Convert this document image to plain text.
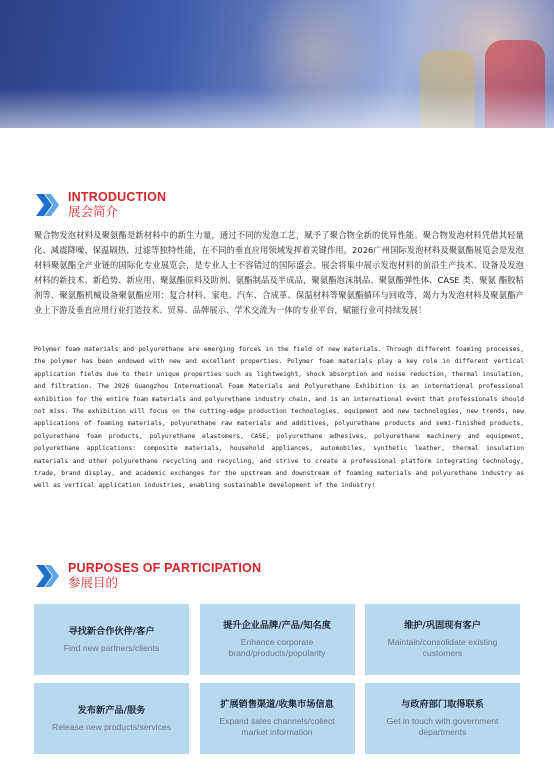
INTRODUCTION
展会简介
聚合物发泡材料及聚氨酯是新材料中的新生力量，通过不同的发泡工艺，赋予了聚合物全新的优异性能。聚合物发泡材料凭借其轻量化、减震降噪、保温隔热、过滤等独特性能，在不同的垂直应用领域发挥着关键作用。2026广州国际发泡材料及聚氨酯展览会是发泡材料聚氨酯全产业链的国际化专业展览会，是专业人士不容错过的国际盛会。展会将集中展示发泡材料的前沿生产技术、设备及发泡材料的新技术、新趋势、新应用、聚氨酯原料及助剂、氨酯制品及半成品，聚氨酯泡沫制品、聚氨酯弹性体、CASE 类、聚氨 酯胶粘剂等、聚氨酯机械设备聚氨酯应用：复合材料、家电、汽车、合成革、保温材料等聚氨酯循环与回收等，竭力为发泡材料及聚氨酯产业上下游及垂直应用行业打造技术、贸易、品牌展示、学术交流为一体的专业平台，赋能行业可持续发展！
Polymer foam materials and polyurethane are emerging forces in the field of new materials. Through different foaming processes, the polymer has been endowed with new and excellent properties. Polymer foam materials play a key role in different vertical application fields due to their unique properties such as lightweight, shock absorption and noise reduction, thermal insulation, and filtration. The 2026 Guangzhou International Foam Materials and Polyurethane Exhibition is an international professional exhibition for the entire foam materials and polyurethane industry chain, and is an international event that professionals should not miss. The exhibition will focus on the cutting-edge production technologies, equipment and new technologies, new trends, new applications of foaming materials, polyurethane raw materials and additives, polyurethane products and semi-finished products, polyurethane foam products, polyurethane elastomers, CASE, polyurethane adhesives, polyurethane machinery and equipment, polyurethane applications: composite materials, household appliances, automobiles, synthetic leather, thermal insulation materials and other polyurethane recycling and recycling, and strive to create a professional platform integrating technology, trade, brand display, and academic exchanges for the upstream and downstream of foaming materials and polyurethane industry as well as vertical application industries, enabling sustainable development of the industry!
PURPOSES OF PARTICIPATION
参展目的
寻找新合作伙伴/客户
Find new partners/clients
提升企业品牌/产品/知名度
Enhance corporate brand/products/popularity
维护/巩固现有客户
Maintain/consolidate existing customers
发布新产品/服务
Release new products/services
扩展销售渠道/收集市场信息
Expand sales channels/collect market information
与政府部门取得联系
Get in touch with government departments
